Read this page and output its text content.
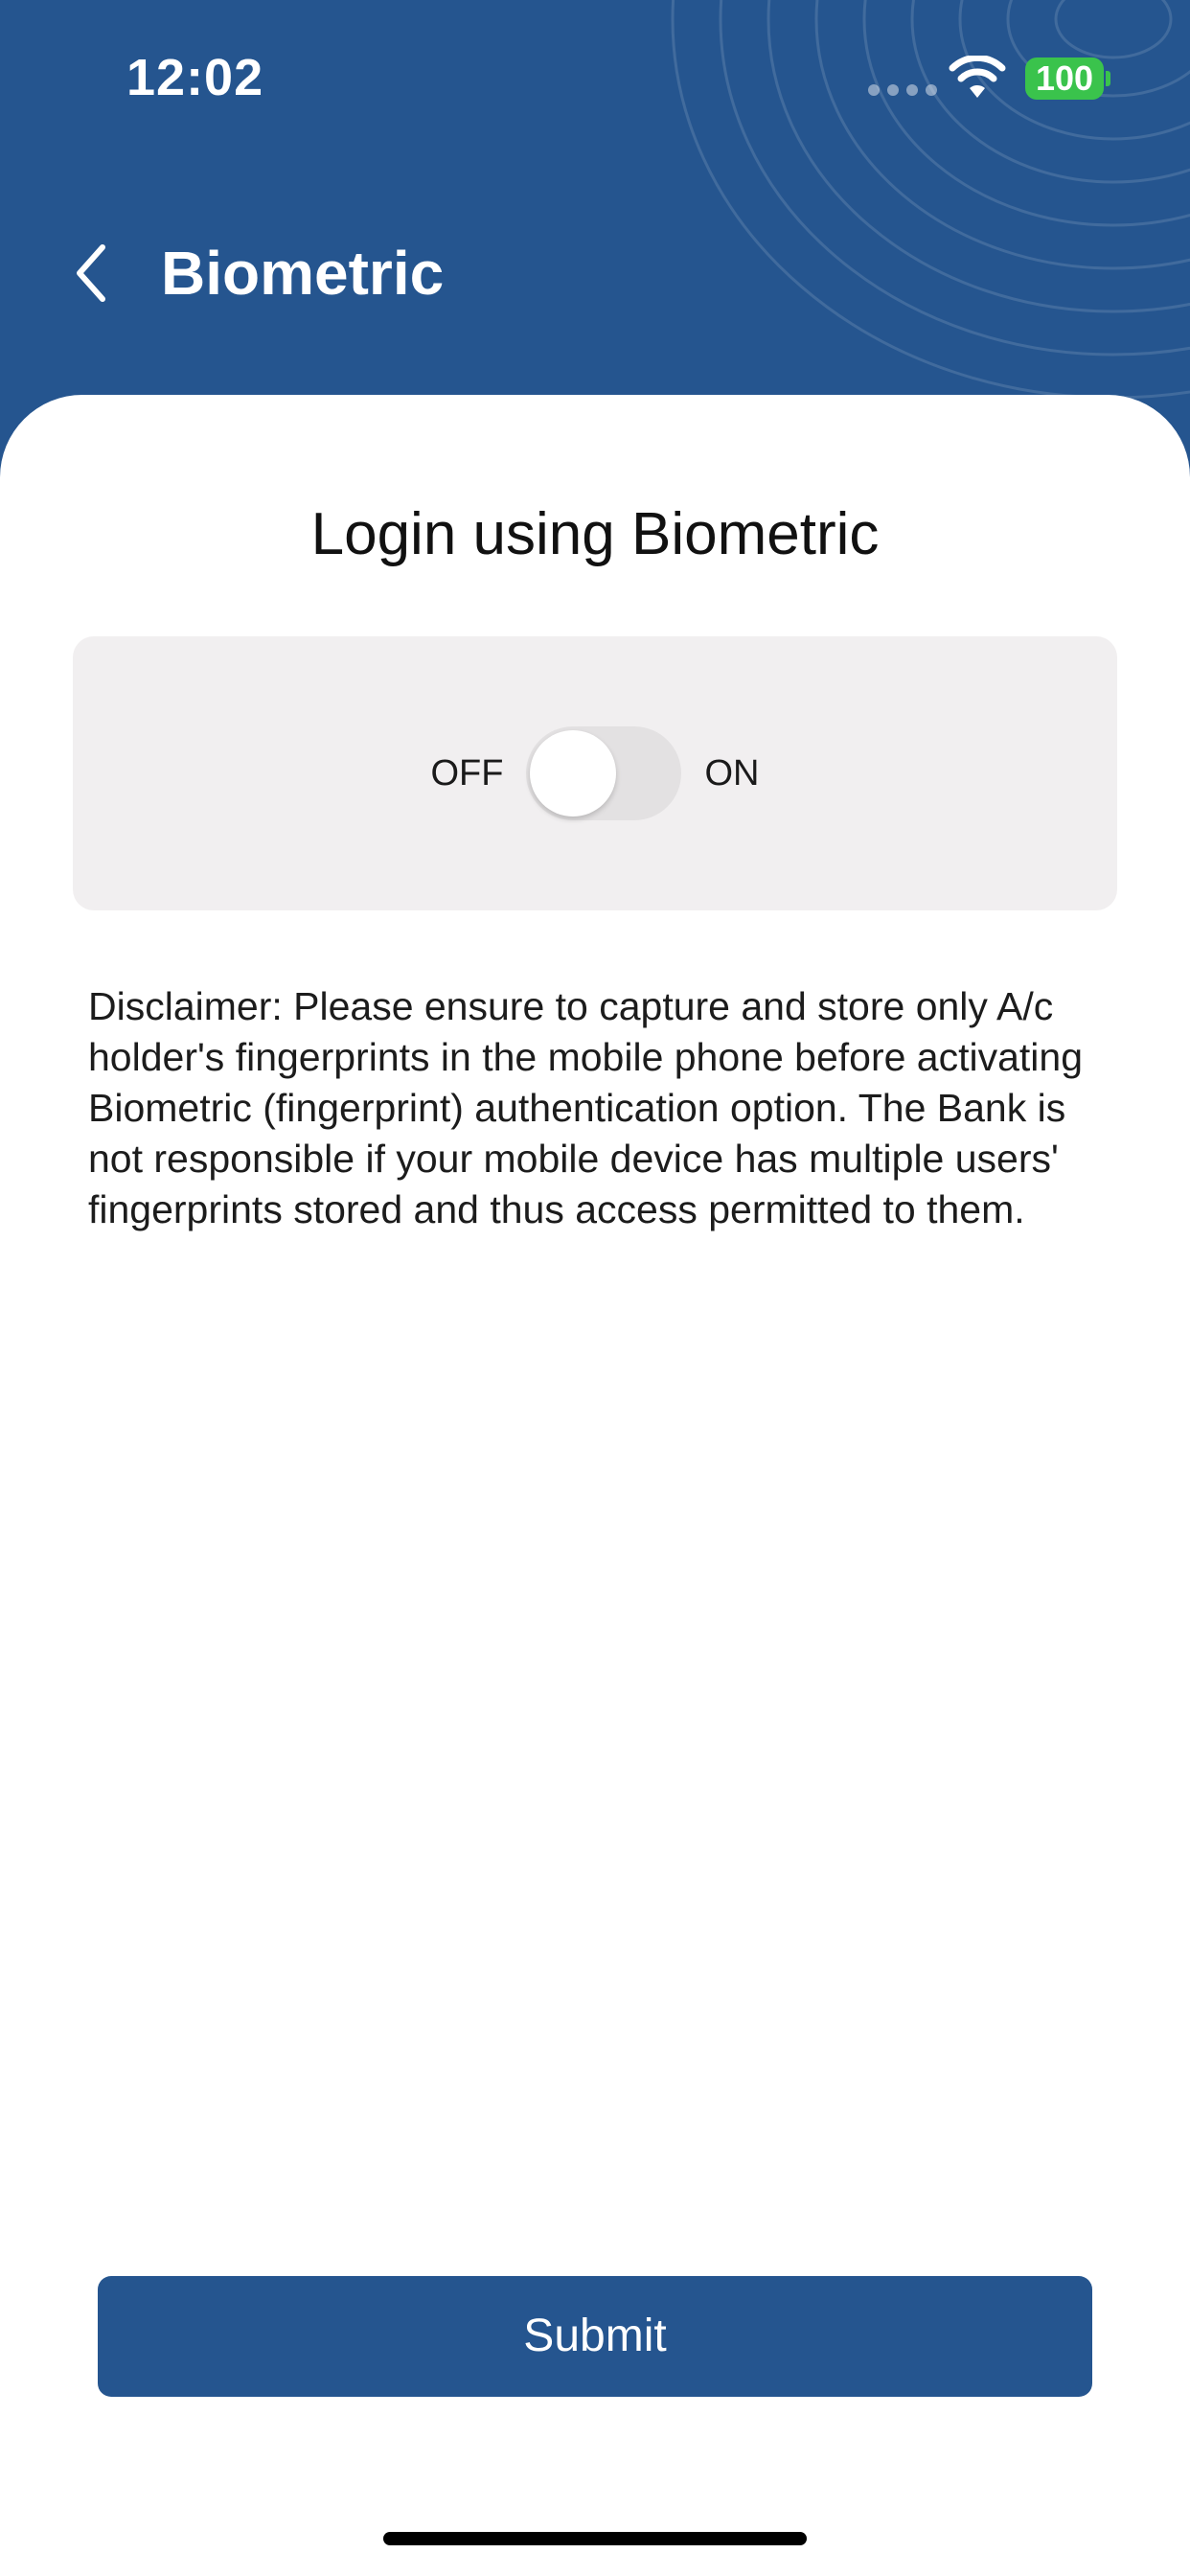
12:02	100
Biometric
Login using Biometric
OFF	ON
Disclaimer: Please ensure to capture and store only A/c holder's fingerprints in the mobile phone before activating Biometric (fingerprint) authentication option. The Bank is not responsible if your mobile device has multiple users' fingerprints stored and thus access permitted to them.
Submit
